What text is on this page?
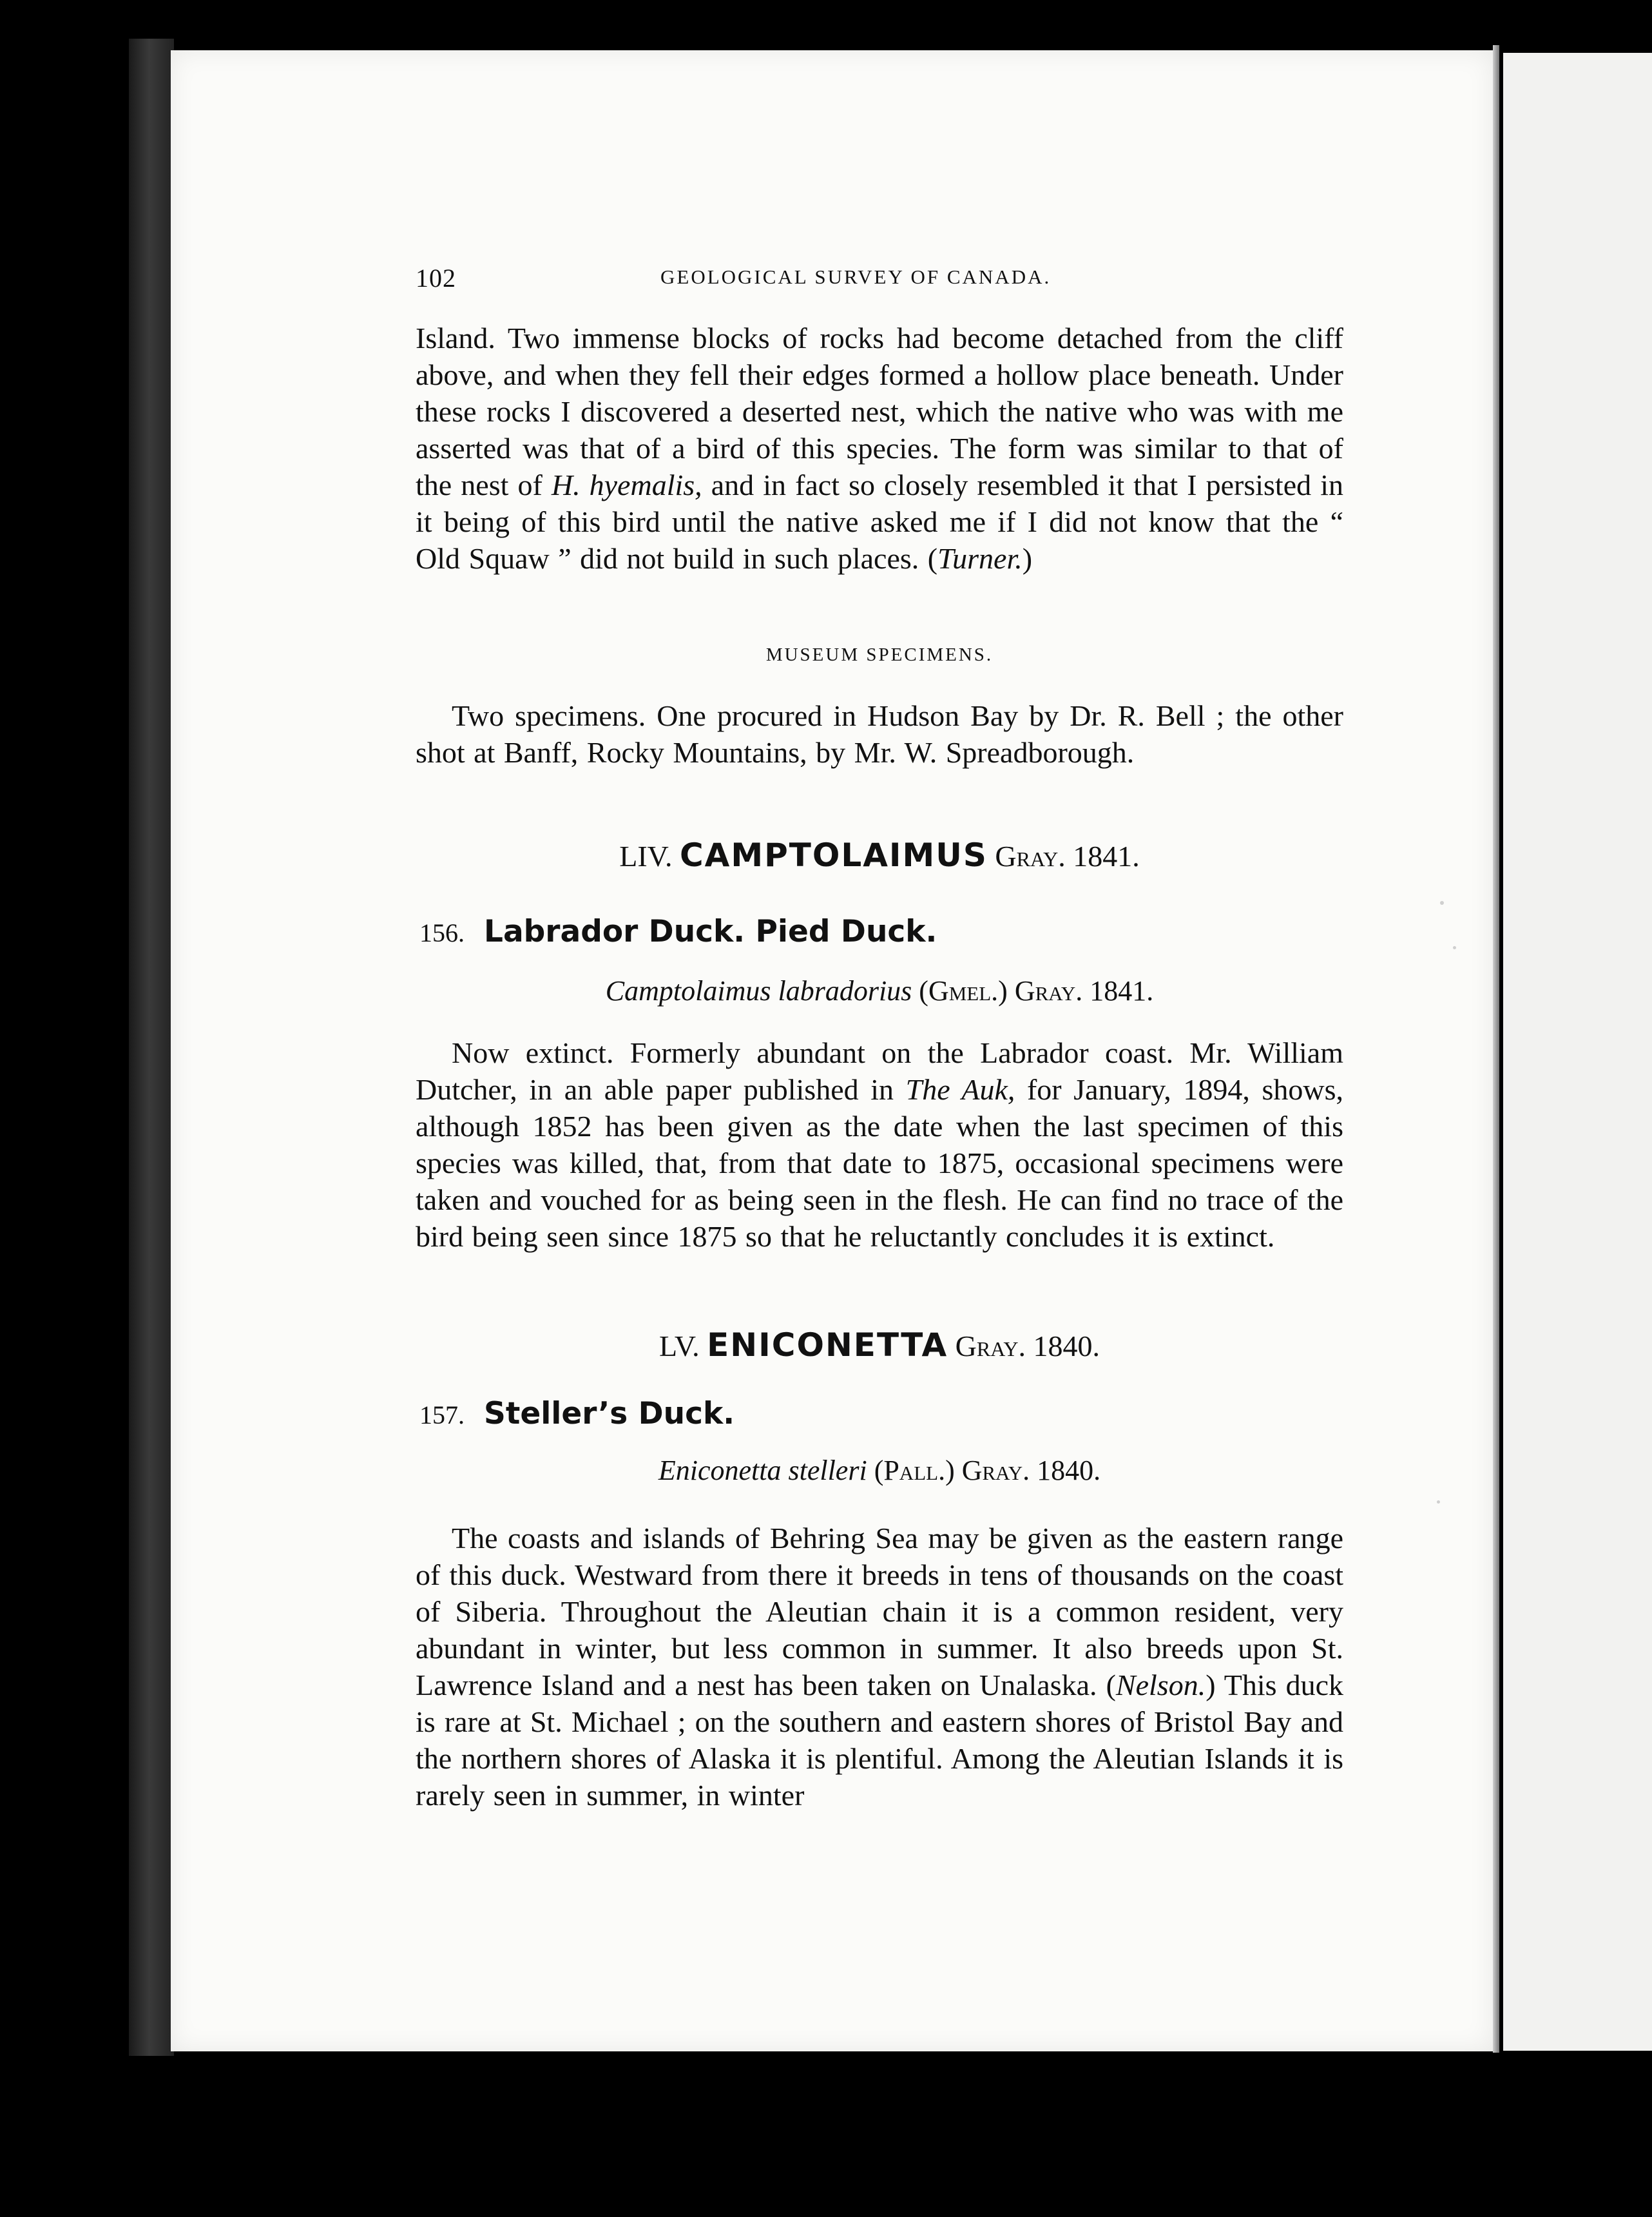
102	GEOLOGICAL SURVEY OF CANADA.

Island. Two immense blocks of rocks had become detached from the cliff above, and when they fell their edges formed a hollow place beneath. Under these rocks I discovered a deserted nest, which the native who was with me asserted was that of a bird of this species. The form was similar to that of the nest of H. hyemalis, and in fact so closely resembled it that I persisted in it being of this bird until the native asked me if I did not know that the “ Old Squaw ” did not build in such places. (Turner.)

MUSEUM SPECIMENS.

Two specimens. One procured in Hudson Bay by Dr. R. Bell ; the other shot at Banff, Rocky Mountains, by Mr. W. Spreadborough.

LIV. CAMPTOLAIMUS Gray. 1841.
156. Labrador Duck. Pied Duck.
Camptolaimus labradorius (Gmel.) Gray. 1841.

Now extinct. Formerly abundant on the Labrador coast. Mr. William Dutcher, in an able paper published in The Auk, for January, 1894, shows, although 1852 has been given as the date when the last specimen of this species was killed, that, from that date to 1875, occasional specimens were taken and vouched for as being seen in the flesh. He can find no trace of the bird being seen since 1875 so that he reluctantly concludes it is extinct.

LV. ENICONETTA Gray. 1840.
157. Steller’s Duck.
Eniconetta stelleri (Pall.) Gray. 1840.

The coasts and islands of Behring Sea may be given as the eastern range of this duck. Westward from there it breeds in tens of thousands on the coast of Siberia. Throughout the Aleutian chain it is a common resident, very abundant in winter, but less common in summer. It also breeds upon St. Lawrence Island and a nest has been taken on Unalaska. (Nelson.) This duck is rare at St. Michael ; on the southern and eastern shores of Bristol Bay and the northern shores of Alaska it is plentiful. Among the Aleutian Islands it is rarely seen in summer, in winter
